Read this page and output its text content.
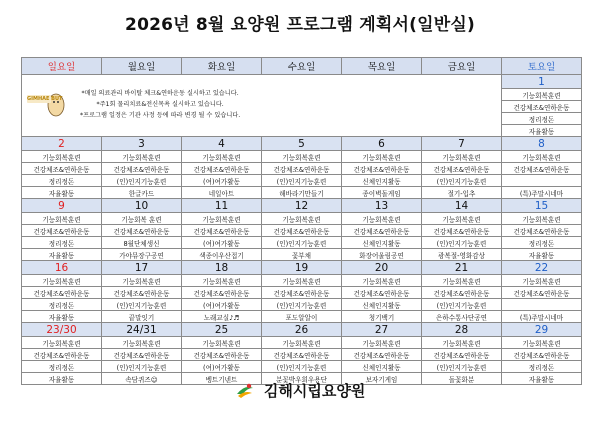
2026년 8월 요양원 프로그램 계획서(일반실)
일요일	월요일	화요일	수요일	목요일	금요일	토요일

GIMHAE BUT
*매일 의료관리 바이탈 체크&연하운동 실시하고 있습니다.
*주1회 물리치료&전신목욕 실시하고 있습니다.
*프로그램 일정은 기관 사정 등에 따라 변경 될 수 있습니다.						1
						기능회복훈련
						건강체조&연하운동
						정리정돈
						자율활동
2	3	4	5	6	7	8
기능회복훈련	기능회복훈련	기능회복훈련	기능회복훈련	기능회복훈련	기능회복훈련	기능회복훈련
건강체조&연하운동	건강체조&연하운동	건강체조&연하운동	건강체조&연하운동	건강체조&연하운동	건강체조&연하운동	건강체조&연하운동
정리정돈	(인)인지기능훈련	(여)여가활동	(인)인지기능훈련	신체인지활동	(인)인지기능훈련	
자율활동	한글카드	네일아트	해바라기만들기	종이벽돌게임	절기-입추	(특)주말시네마
9	10	11	12	13	14	15
기능회복훈련	기능회복 훈련	기능회복훈련	기능회복훈련	기능회복훈련	기능회복훈련	기능회복훈련
건강체조&연하운동	건강체조&연하운동	건강체조&연하운동	건강체조&연하운동	건강체조&연하운동	건강체조&연하운동	건강체조&연하운동
정리정돈	8월단체생신	(여)여가활동	(인)인지기능훈련	신체인지활동	(인)인지기능훈련	정리정돈
자율활동	가야뮤장구공연	색종이우산접기	꽃부채	화장어울림공연	광복절-영화감상	자율활동
16	17	18	19	20	21	22
기능회복훈련	기능회복훈련	기능회복훈련	기능회복훈련	기능회복훈련	기능회복훈련	기능회복훈련
건강체조&연하운동	건강체조&연하운동	건강체조&연하운동	건강체조&연하운동	건강체조&연하운동	건강체조&연하운동	건강체조&연하운동
정리정돈	(인)인지기능훈련	(여)여가활동	(인)인지기능훈련	신체인지활동	(인)인지기능훈련	
자율활동	끝말잇기	노래교실♪♬	포도알알이	청기백기	은하수통사단공연	(특)주말시네마
23/30	24/31	25	26	27	28	29
기능회복훈련	기능회복훈련	기능회복훈련	기능회복훈련	기능회복훈련	기능회복훈련	기능회복훈련
건강체조&연하운동	건강체조&연하운동	건강체조&연하운동	건강체조&연하운동	건강체조&연하운동	건강체조&연하운동	건강체조&연하운동
정리정돈	(인)인지기능훈련	(여)여가활동	(인)인지기능훈련	신체인지활동	(인)인지기능훈련	정리정돈
자율활동	속담퀴즈☺	벵트기넨트	분꽃박우회우용단	보자기게임	돌꽃화분	자율활동
김해시립요양원
